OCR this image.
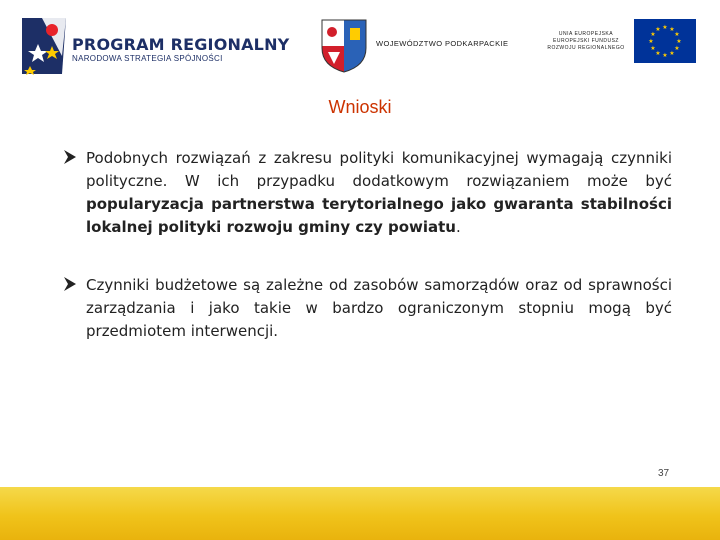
PROGRAM REGIONALNY
NARODOWA STRATEGIA SPÓJNOŚCI
WOJEWÓDZTWO PODKARPACKIE
UNIA EUROPEJSKA
EUROPEJSKI FUNDUSZ
ROZWOJU REGIONALNEGO
★ ★
★
★
★
★
★
★
★
★
★
★
Wnioski

Podobnych rozwiązań z zakresu polityki komunikacyjnej wymagają czynniki polityczne. W ich przypadku dodatkowym rozwiązaniem może być popularyzacja partnerstwa terytorialnego jako gwaranta stabilności lokalnej polityki rozwoju gminy czy powiatu.

Czynniki budżetowe są zależne od zasobów samorządów oraz od sprawności zarządzania i jako takie w bardzo ograniczonym stopniu mogą być przedmiotem interwencji.

37
